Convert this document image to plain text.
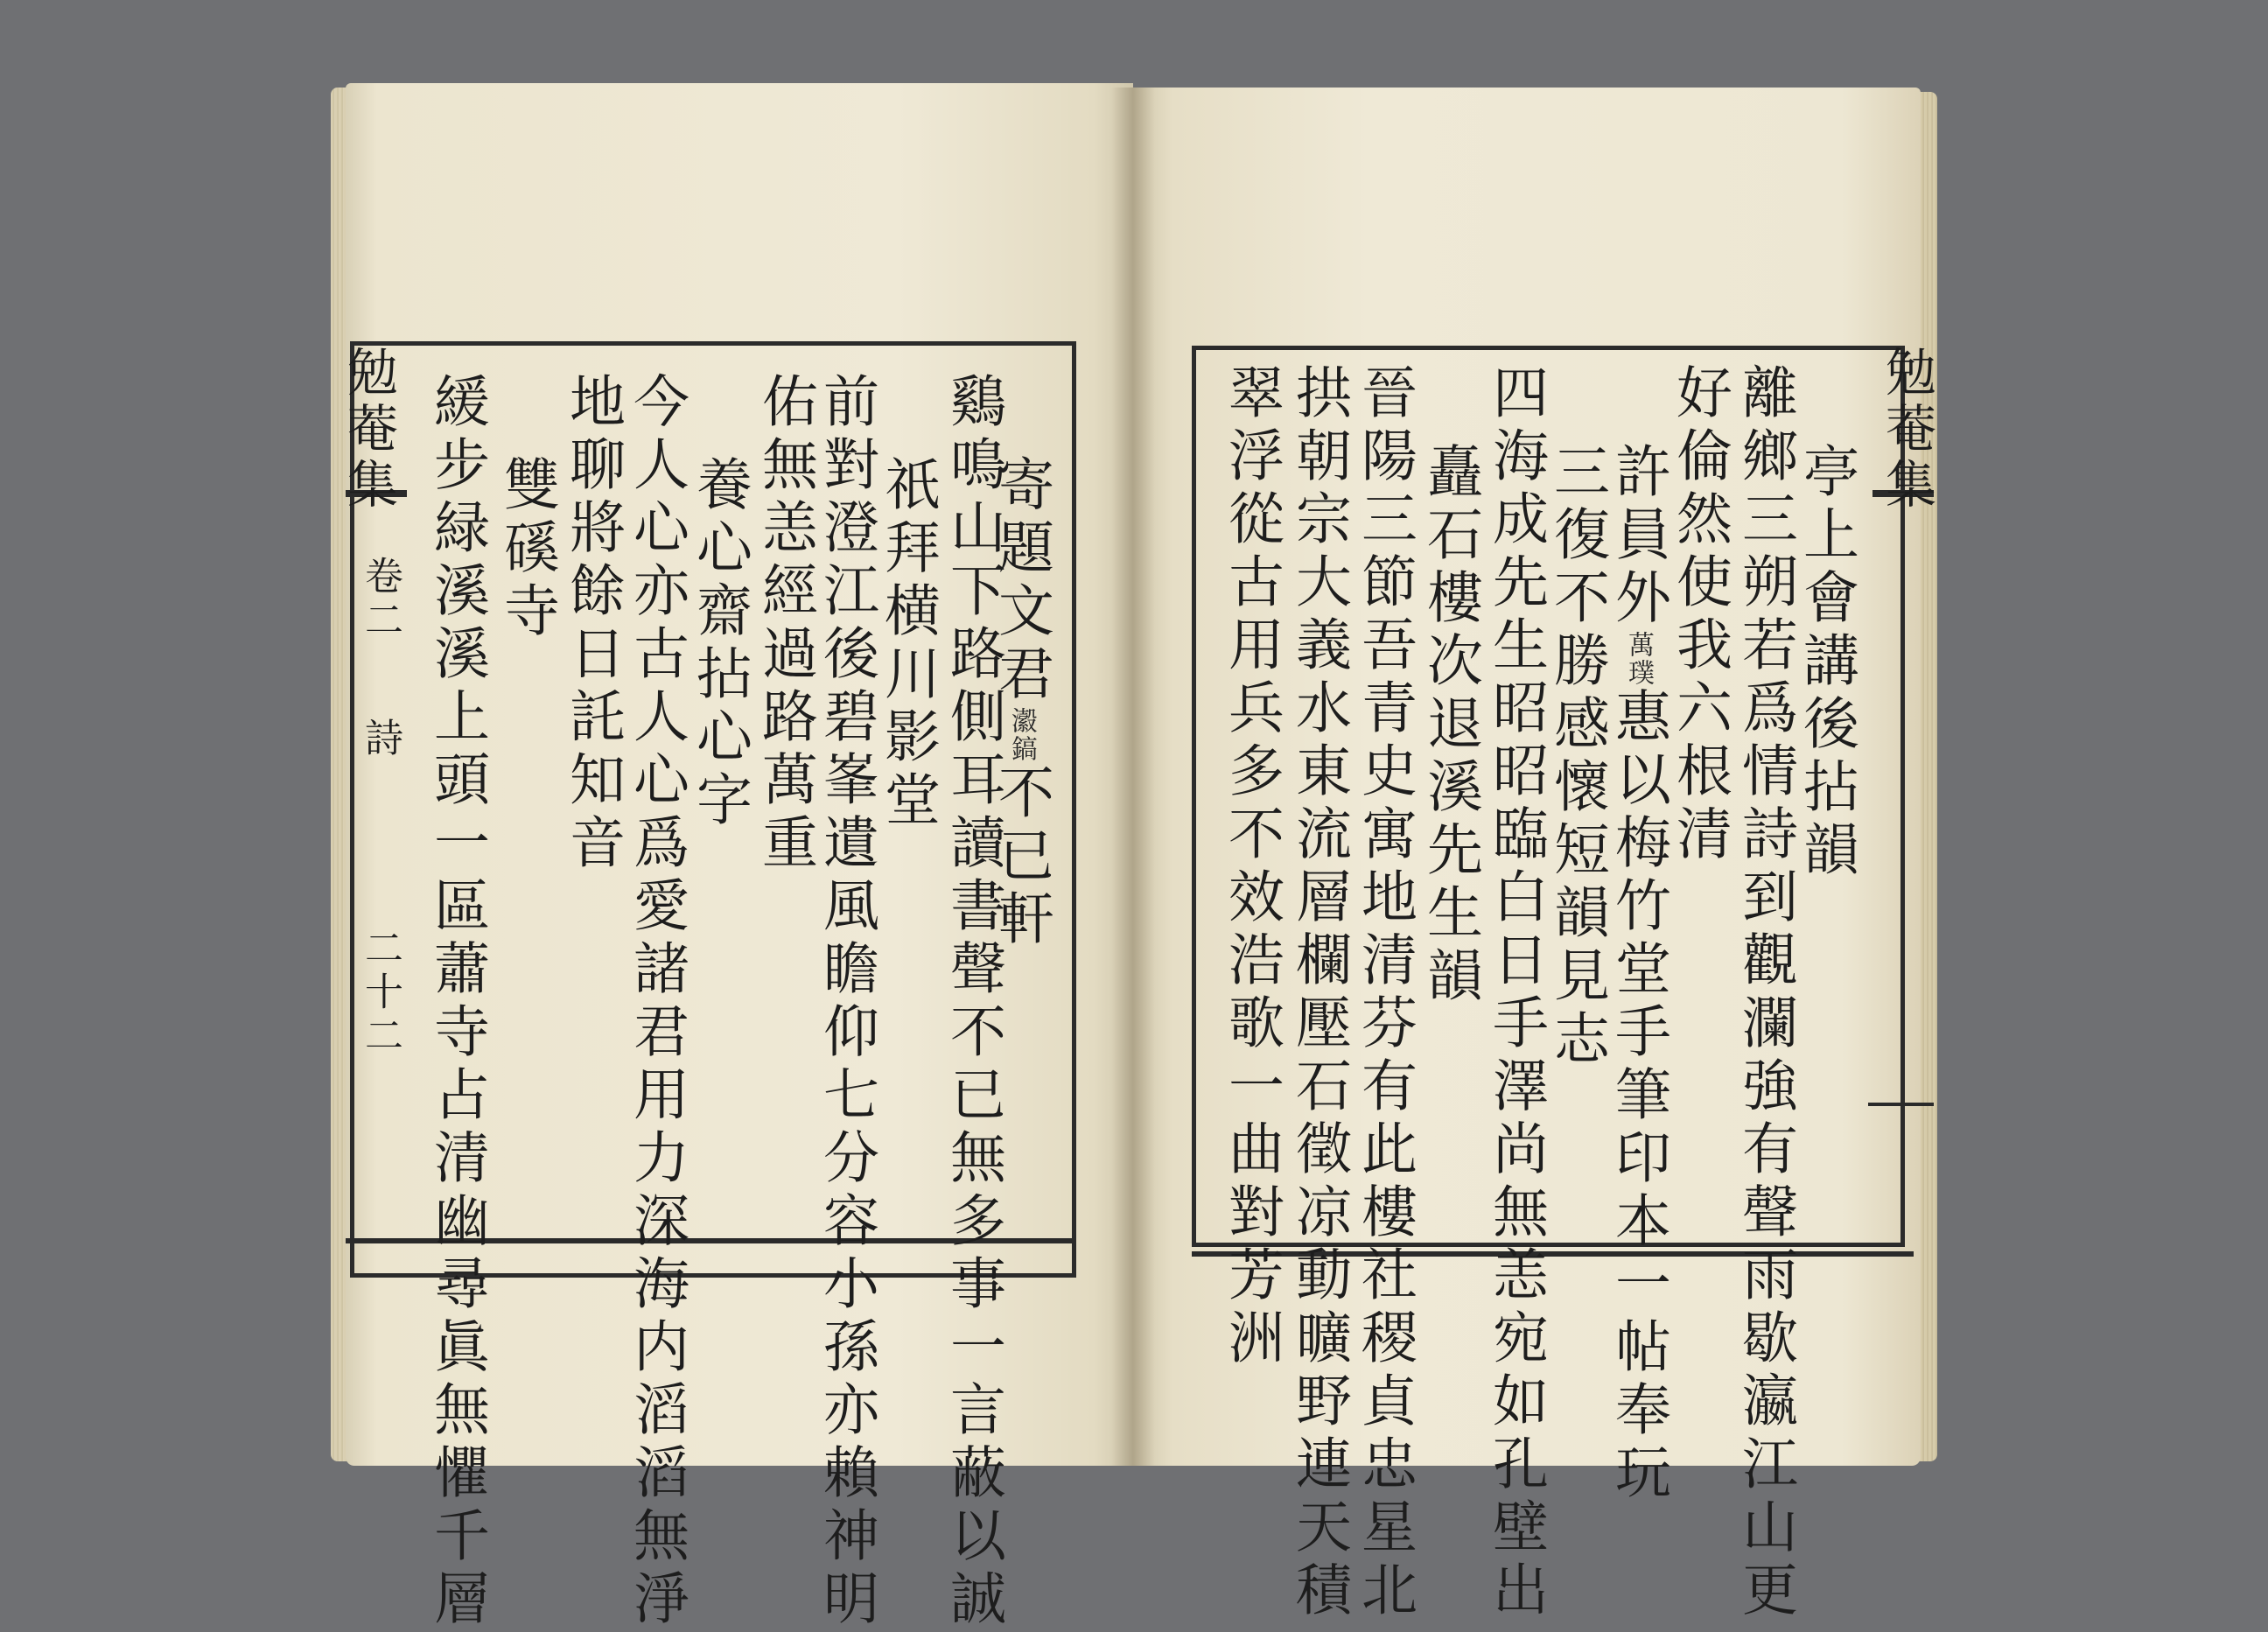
勉菴集
卷二
詩
二十二
寄題文君瀫鎬不已軒
鷄鳴山下路側耳讀書聲不已無多事一言蔽以誠
祇拜横川影堂
前對澄江後碧峯遺風瞻仰七分容小孫亦賴神明
佑無恙經過路萬重
養心齋拈心字
今人心亦古人心爲愛諸君用力深海内滔滔無淨
地聊將餘日託知音
雙磎寺
緩步緑溪溪上頭一區蕭寺占清幽尋眞無懼千層	勉菴集
亭上會講後拈韻
離鄉三朔若爲情詩到觀瀾強有聲雨歇瀛江山更
好倫然使我六根清
許員外萬璞惠以梅竹堂手筆印本一帖奉玩
三復不勝感懷短韻見志
四海成先生昭昭臨白日手澤尚無恙宛如孔壁出
矗石樓次退溪先生韻
晉陽三節吾青史寓地清芬有此樓社稷貞忠星北
拱朝宗大義水東流層欄壓石徵凉動曠野連天積
翠浮從古用兵多不效浩歌一曲對芳洲
